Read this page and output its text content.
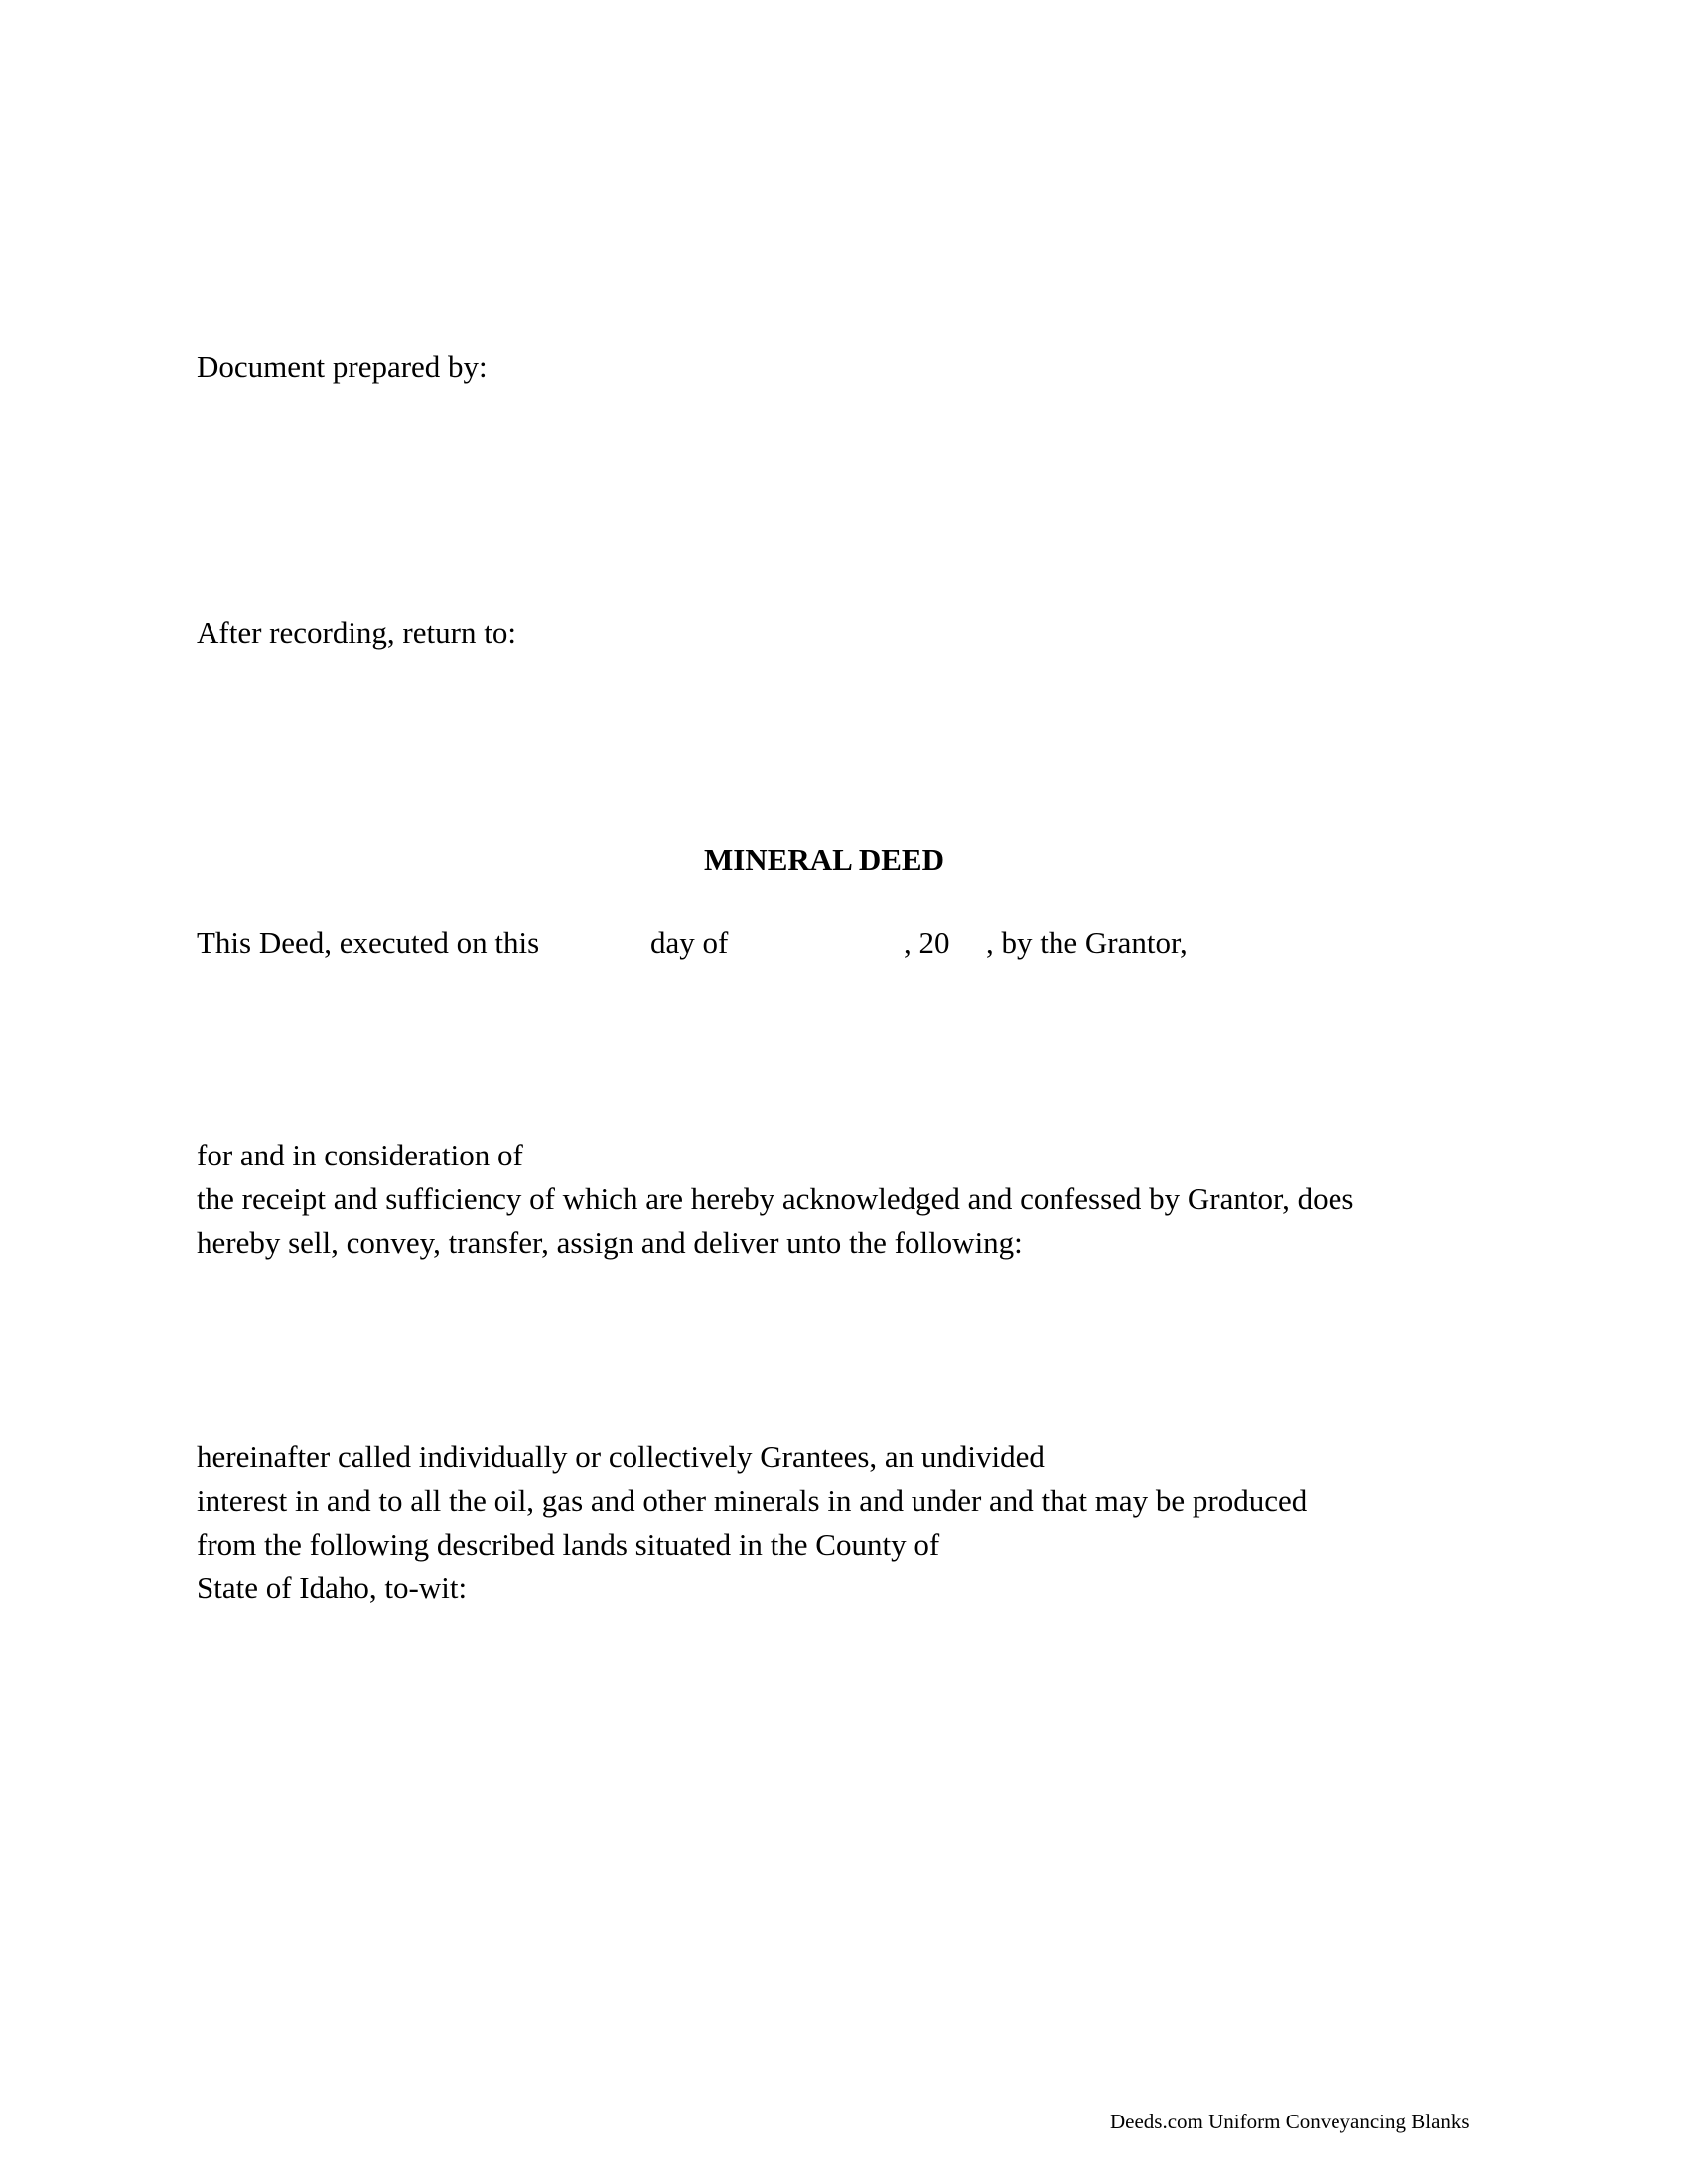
Document prepared by:
After recording, return to:
MINERAL DEED
This Deed, executed on this	day of	, 20 , by the Grantor,
for and in consideration of
the receipt and sufficiency of which are hereby acknowledged and confessed by Grantor, does
hereby sell, convey, transfer, assign and deliver unto the following:
hereinafter called individually or collectively Grantees, an undivided
interest in and to all the oil, gas and other minerals in and under and that may be produced
from the following described lands situated in the County of
State of Idaho, to-wit:
Deeds.com Uniform Conveyancing Blanks
